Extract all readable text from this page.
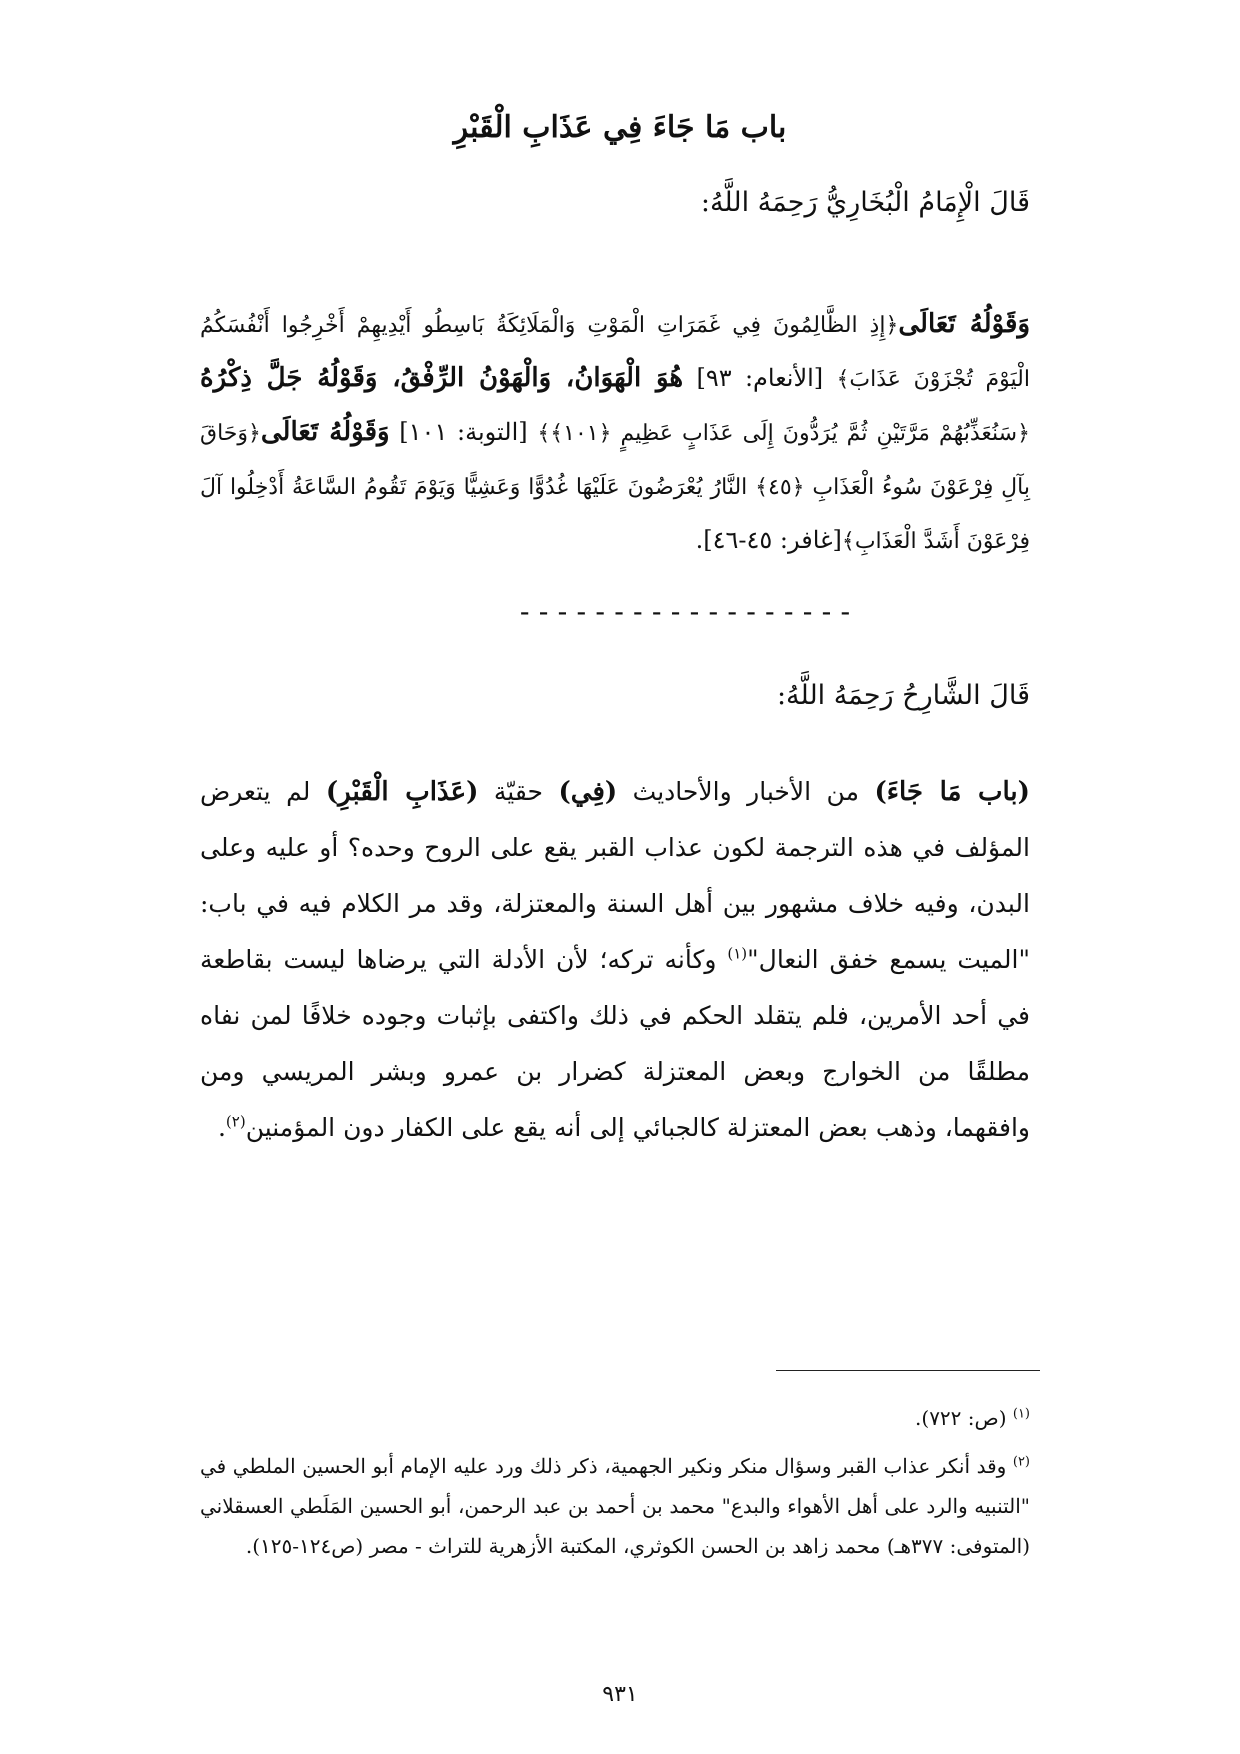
باب مَا جَاءَ فِي عَذَابِ الْقَبْرِ
قَالَ الْإِمَامُ الْبُخَارِيُّ رَحِمَهُ اللَّهُ:
وَقَوْلُهُ تَعَالَى﴿إِذِ الظَّالِمُونَ فِي غَمَرَاتِ الْمَوْتِ وَالْمَلَائِكَةُ بَاسِطُو أَيْدِيهِمْ أَخْرِجُوا أَنْفُسَكُمُ الْيَوْمَ تُجْزَوْنَ عَذَابَ﴾ [الأنعام: ٩٣] هُوَ الْهَوَانُ، وَالْهَوْنُ الرِّفْقُ، وَقَوْلُهُ جَلَّ ذِكْرُهُ ﴿سَنُعَذِّبُهُمْ مَرَّتَيْنِ ثُمَّ يُرَدُّونَ إِلَى عَذَابٍ عَظِيمٍ ﴿١٠١﴾﴾ [التوبة: ١٠١] وَقَوْلُهُ تَعَالَى﴿وَحَاقَ بِآلِ فِرْعَوْنَ سُوءُ الْعَذَابِ ﴿٤٥﴾ النَّارُ يُعْرَضُونَ عَلَيْهَا غُدُوًّا وَعَشِيًّا وَيَوْمَ تَقُومُ السَّاعَةُ أَدْخِلُوا آلَ فِرْعَوْنَ أَشَدَّ الْعَذَابِ﴾[غافر: ٤٥-٤٦].
------------------
قَالَ الشَّارِحُ رَحِمَهُ اللَّهُ:
(باب مَا جَاءَ) من الأخبار والأحاديث (فِي) حقيّة (عَذَابِ الْقَبْرِ) لم يتعرض المؤلف في هذه الترجمة لكون عذاب القبر يقع على الروح وحده؟ أو عليه وعلى البدن، وفيه خلاف مشهور بين أهل السنة والمعتزلة، وقد مر الكلام فيه في باب: "الميت يسمع خفق النعال"$^{(١)}$ وكأنه تركه؛ لأن الأدلة التي يرضاها ليست بقاطعة في أحد الأمرين، فلم يتقلد الحكم في ذلك واكتفى بإثبات وجوده خلافًا لمن نفاه مطلقًا من الخوارج وبعض المعتزلة كضرار بن عمرو وبشر المريسي ومن وافقهما، وذهب بعض المعتزلة كالجبائي إلى أنه يقع على الكفار دون المؤمنين$^{(٢)}$.
$^{(١)}$ (ص: ٧٢٢).
$^{(٢)}$ وقد أنكر عذاب القبر وسؤال منكر ونكير الجهمية، ذكر ذلك ورد عليه الإمام أبو الحسين الملطي في "التنبيه والرد على أهل الأهواء والبدع" محمد بن أحمد بن عبد الرحمن، أبو الحسين المَلَطي العسقلاني (المتوفى: ٣٧٧هـ) محمد زاهد بن الحسن الكوثري، المكتبة الأزهرية للتراث - مصر (ص١٢٤-١٢٥).
٩٣١
